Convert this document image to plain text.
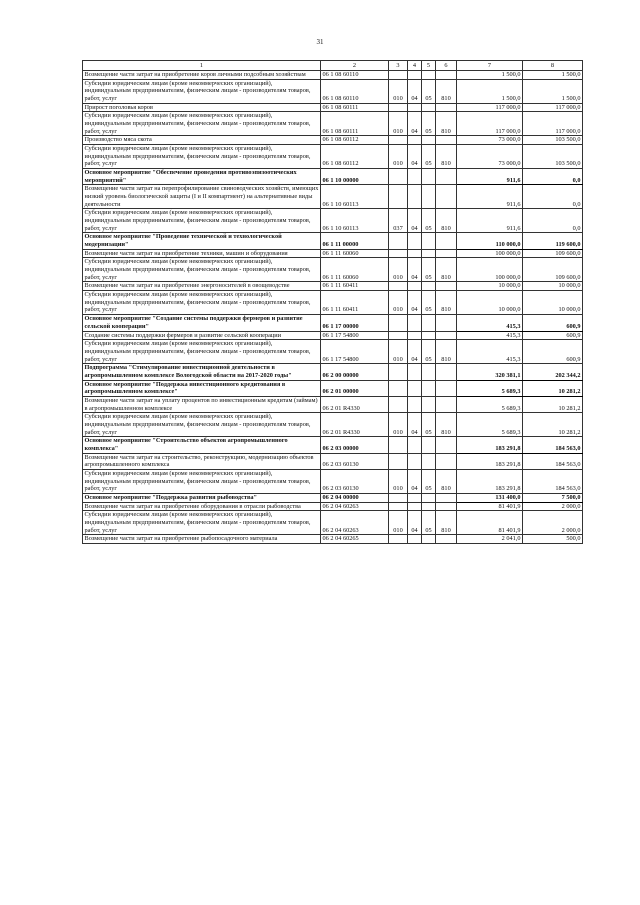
31
1	2	3	4	5	6	7	8
Возмещение части затрат на приобретение коров личными подсобным хозяйствам	06 1 08 60110					1 500,0	1 500,0
Субсидии юридическим лицам (кроме некоммерческих организаций), индивидуальным предпринимателям, физическим лицам - производителям товаров, работ, услуг	06 1 08 60110	010	04	05	810	1 500,0	1 500,0
Прирост поголовья коров	06 1 08 60111					117 000,0	117 000,0
Субсидии юридическим лицам (кроме некоммерческих организаций), индивидуальным предпринимателям, физическим лицам - производителям товаров, работ, услуг	06 1 08 60111	010	04	05	810	117 000,0	117 000,0
Производство мяса скота	06 1 08 60112					73 000,0	103 500,0
Субсидии юридическим лицам (кроме некоммерческих организаций), индивидуальным предпринимателям, физическим лицам - производителям товаров, работ, услуг	06 1 08 60112	010	04	05	810	73 000,0	103 500,0
Основное мероприятие "Обеспечение проведения противоэпизоотических мероприятий"	06 1 10 00000					911,6	0,0
Возмещение части затрат на перепрофилирование свиноводческих хозяйств, имеющих низкий уровень биологической защиты (I и II компартмент) на альтернативные виды деятельности	06 1 10 60113					911,6	0,0
Субсидии юридическим лицам (кроме некоммерческих организаций), индивидуальным предпринимателям, физическим лицам - производителям товаров, работ, услуг	06 1 10 60113	037	04	05	810	911,6	0,0
Основное мероприятие "Проведение технической и технологической модернизации"	06 1 11 00000					110 000,0	119 600,0
Возмещение части затрат на приобретение техники, машин и оборудования	06 1 11 60060					100 000,0	109 600,0
Субсидии юридическим лицам (кроме некоммерческих организаций), индивидуальным предпринимателям, физическим лицам - производителям товаров, работ, услуг	06 1 11 60060	010	04	05	810	100 000,0	109 600,0
Возмещение части затрат на приобретение энергоносителей в овощеводстве	06 1 11 60411					10 000,0	10 000,0
Субсидии юридическим лицам (кроме некоммерческих организаций), индивидуальным предпринимателям, физическим лицам - производителям товаров, работ, услуг	06 1 11 60411	010	04	05	810	10 000,0	10 000,0
Основное мероприятие "Создание системы поддержки фермеров и развитие сельской кооперации"	06 1 17 00000					415,3	600,9
Создание системы поддержки фермеров и развитие сельской кооперации	06 1 17 54800					415,3	600,9
Субсидии юридическим лицам (кроме некоммерческих организаций), индивидуальным предпринимателям, физическим лицам - производителям товаров, работ, услуг	06 1 17 54800	010	04	05	810	415,3	600,9
Подпрограмма "Стимулирование инвестиционной деятельности в агропромышленном комплексе Вологодской области на 2017-2020 годы"	06 2 00 00000					320 381,1	202 344,2
Основное мероприятие "Поддержка инвестиционного кредитования в агропромышленном комплексе"	06 2 01 00000					5 689,3	10 281,2
Возмещение части затрат на уплату процентов по инвестиционным кредитам (займам) в агропромышленном комплексе	06 2 01 R4330					5 689,3	10 281,2
Субсидии юридическим лицам (кроме некоммерческих организаций), индивидуальным предпринимателям, физическим лицам - производителям товаров, работ, услуг	06 2 01 R4330	010	04	05	810	5 689,3	10 281,2
Основное мероприятие "Строительство объектов агропромышленного комплекса"	06 2 03 00000					183 291,8	184 563,0
Возмещение части затрат на строительство, реконструкцию, модернизацию объектов агропромышленного комплекса	06 2 03 60130					183 291,8	184 563,0
Субсидии юридическим лицам (кроме некоммерческих организаций), индивидуальным предпринимателям, физическим лицам - производителям товаров, работ, услуг	06 2 03 60130	010	04	05	810	183 291,8	184 563,0
Основное мероприятие "Поддержка развития рыбоводства"	06 2 04 00000					131 400,0	7 500,0
Возмещение части затрат на приобретение оборудования в отрасли рыбоводства	06 2 04 60263					81 401,9	2 000,0
Субсидии юридическим лицам (кроме некоммерческих организаций), индивидуальным предпринимателям, физическим лицам - производителям товаров, работ, услуг	06 2 04 60263	010	04	05	810	81 401,9	2 000,0
Возмещение части затрат на приобретение рыбопосадочного материала	06 2 04 60265					2 041,0	500,0
